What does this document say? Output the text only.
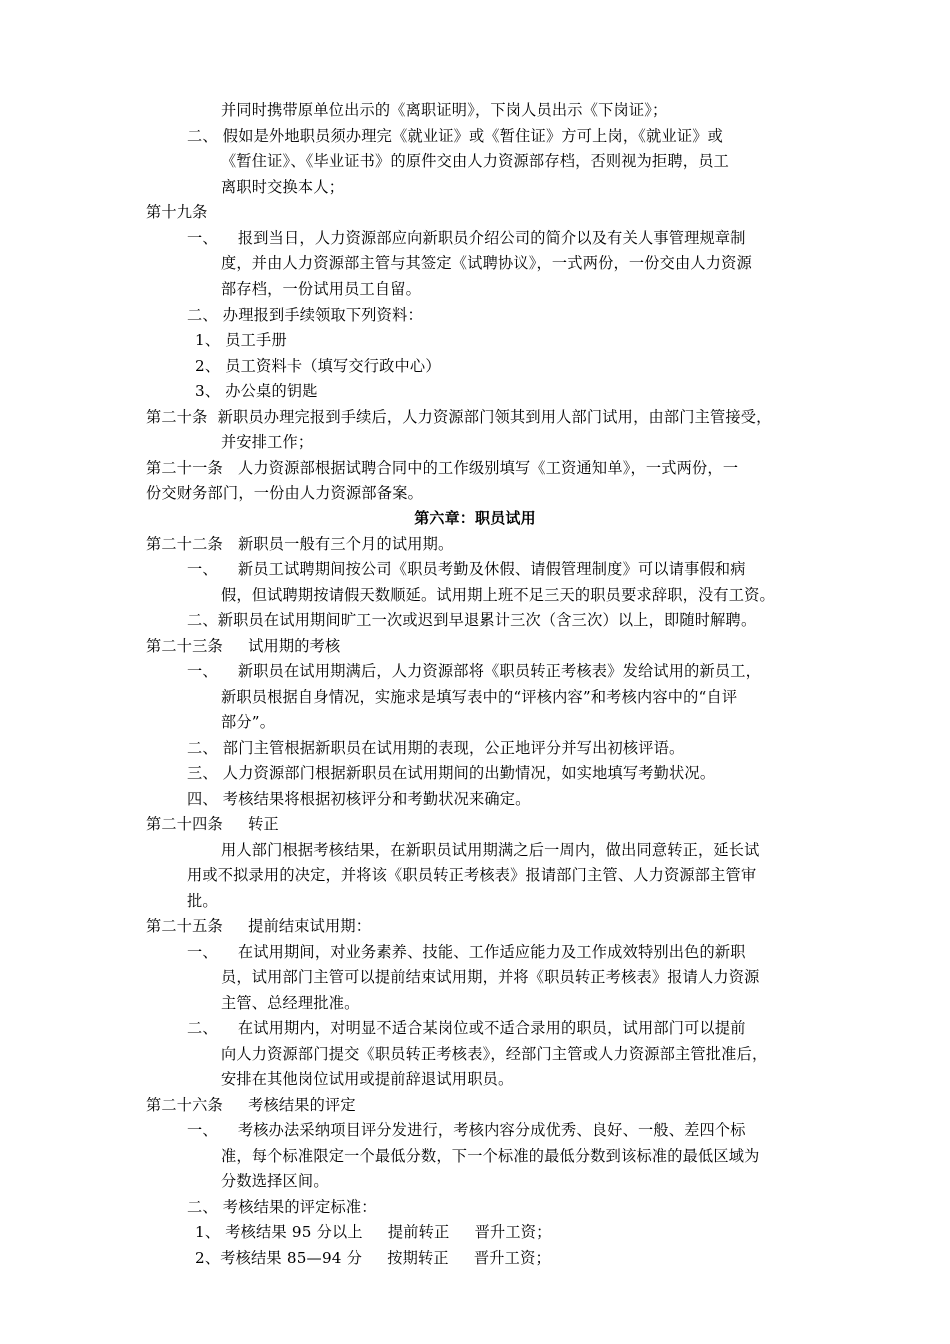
并同时携带原单位出示的《离职证明》，下岗人员出示《下岗证》；
二、 假如是外地职员须办理完《就业证》或《暂住证》方可上岗，《就业证》或
《暂住证》、《毕业证书》的原件交由人力资源部存档，否则视为拒聘，员工
离职时交换本人；
第十九条
一、    报到当日，人力资源部应向新职员介绍公司的简介以及有关人事管理规章制
度，并由人力资源部主管与其签定《试聘协议》，一式两份，一份交由人力资源
部存档，一份试用员工自留。
二、 办理报到手续领取下列资料：
1、 员工手册
2、 员工资料卡（填写交行政中心）
3、 办公桌的钥匙
第二十条  新职员办理完报到手续后，人力资源部门领其到用人部门试用，由部门主管接受，
并安排工作；
第二十一条   人力资源部根据试聘合同中的工作级别填写《工资通知单》，一式两份，一
份交财务部门，一份由人力资源部备案。
第六章：职员试用
第二十二条   新职员一般有三个月的试用期。
一、    新员工试聘期间按公司《职员考勤及休假、请假管理制度》可以请事假和病
假，但试聘期按请假天数顺延。试用期上班不足三天的职员要求辞职，没有工资。
二、新职员在试用期间旷工一次或迟到早退累计三次（含三次）以上，即随时解聘。
第二十三条     试用期的考核
一、    新职员在试用期满后，人力资源部将《职员转正考核表》发给试用的新员工，
新职员根据自身情况，实施求是填写表中的“评核内容”和考核内容中的“自评
部分”。
二、 部门主管根据新职员在试用期的表现，公正地评分并写出初核评语。
三、 人力资源部门根据新职员在试用期间的出勤情况，如实地填写考勤状况。
四、 考核结果将根据初核评分和考勤状况来确定。
第二十四条     转正
用人部门根据考核结果，在新职员试用期满之后一周内，做出同意转正，延长试
用或不拟录用的决定，并将该《职员转正考核表》报请部门主管、人力资源部主管审
批。
第二十五条     提前结束试用期：
一、    在试用期间，对业务素养、技能、工作适应能力及工作成效特别出色的新职
员，试用部门主管可以提前结束试用期，并将《职员转正考核表》报请人力资源
主管、总经理批准。
二、    在试用期内，对明显不适合某岗位或不适合录用的职员，试用部门可以提前
向人力资源部门提交《职员转正考核表》，经部门主管或人力资源部主管批准后，
安排在其他岗位试用或提前辞退试用职员。
第二十六条     考核结果的评定
一、    考核办法采纳项目评分发进行，考核内容分成优秀、良好、一般、差四个标
准，每个标准限定一个最低分数，下一个标准的最低分数到该标准的最低区域为
分数选择区间。
二、 考核结果的评定标准：
1、 考核结果 95 分以上     提前转正     晋升工资；
2、考核结果 85—94 分     按期转正     晋升工资；
